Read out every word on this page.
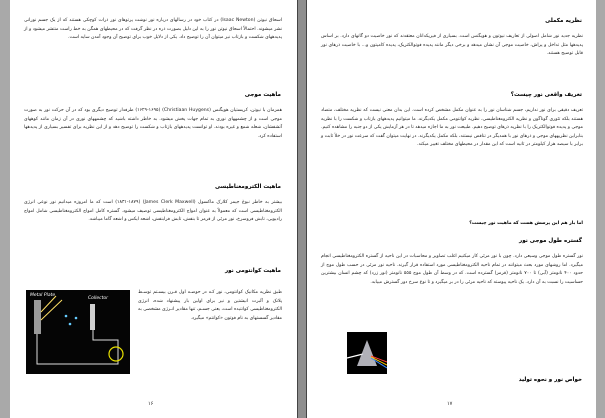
اسحاق نیوتن (Isaac Newton) در کتاب خود در رسالهای درباره نور نوشت پرتوهای نور ذرات کوچکی هستند که از یک جسم نورانی نشر میشوند. احتمالاً اسحاق نیوتن نور را به این دلیل بصورت ذره در نظر گرفت که در محیطهای همگن به خط راست منتشر میشود و از پدیدههای شکست و بازتاب نیز میتوان آن را توضیح داد. یکی از دلایل خوب برای توضیح آن وجود آمدن سایه است.

ماهیت موجی

همزمان با نیوتن، کریستیان هویگنس (Christiaan Huygens) (۱۶۲۹-۱۶۹۵) طرفدار توضیح دیگری بود که در آن حرکت نور به صورت موجی است و از چشمههای نوری به تمام جهات پخش میشود. به خاطر داشته باشید که چشمههای نوری در آن زمان مانند کوههای آتشفشان، شعله شمع و غیره بودند. او توانست پدیدههای بازتاب و شکست را توضیح دهد و از این نظریه برای تفسیر بسیاری از پدیدهها استفاده کرد.

ماهیت الکترومغناطیسی

بیشتر به خاطر نبوغ جیمز کلارک ماکسول (James Clerk Maxwell) (۱۸۳۱-۱۸۷۹) است که ما امروزه میدانیم نور نوعی انرژی الکترومغناطیسی است که معمولاً به عنوان امواج الکترومغناطیسی توصیف میشود. گستره کامل امواج الکترومغناطیسی شامل امواج رادیویی، تابش فروسرخ، نور مرئی از قرمز تا بنفش، تابش فرابنفش، اشعه ایکس و اشعه گاما میباشد.

ماهیت کوانتومی نور

Metal Plate
Collector

طبق نظریه مکانیک کوانتومی، نور کـه در حوضـه اول قـرن بیسـتم توسـط پلانک و آلبرت انیشتین و نیز برای اولین بار پیشنهاد شده، انرژی الکترومغناطیسی کوانتیده است، یعنی جسـم، تنها مقادیر انـرژی مشخصی به مقادیر گسستهای به نام فوتون «کوانتم» میگیرد.

۱۶

نظریه مکملی

نظریه جدید نور شامل اصولی از تعاریف نیوتون و هویگنس است. بسیاری از فیزیکدانان معتقدند که نور خاصیت دو گانهای دارد. بر اساس پدیدهها مثل تداخل و پراش، خاصیت موجی آن نشان میدهد و برخی دیگر مانند پدیده فوتوالکتریک، پدیده کامپتون و... با خاصیت ذرهای نور قابل توضیح هستند.

تعریف واقعی نور چیست؟

تعریف دقیقی برای نور نداریم، جسم شناسان نور را به عنوان مکمل مشخص کرده است. این بدان معنی نیست که نظریه مختلف، متضاد هستند بلکه تئوری گوناگون و نظریه الکترومغناطیسی، نظریه کوانتومی مکمل یکدیگرند. ما میتوانیم پدیدههای بازتاب و شکست را با نظریه موجی و پدیده فوتوالکتریک را با نظریه ذرهای توضیح دهیم. طبیعت نور به ما اجازه میدهد تا در هر آزمایش یکی از دو جنبه را مشاهده کنیم. بنابراین نظریههای موجی و ذرهای نور با همدیگر در تناقض نیستند، بلکه مکمل یکدیگرند. در نهایت میتوان گفت که سرعت نور در خلأ ثابت و برابر با سیصد هزار کیلومتر در ثانیه است که این مقدار در محیطهای مختلف تغییر میکند.

اما باز هم این پرسش هست که ماهیت نور چیست؟

گستره طول موجی نور

نور گستره طول موجی وسیعی دارد. چون با نور مرئی کار میکنیم اغلب تصاویر و محاسبات در این ناحیه از گستره الکترومغناطیسی انجام میگیرد. اما روشهای مورد بحث میتوانند در تمام ناحیه الکترومغناطیسی مورد استفاده قرار گیرند. ناحیه نور مرئی در حسب طول موج از حدود ۴۰۰ نانومتر (آبی) تا ۷۰۰ نانومتر (قرمز) گسترده است. که در وسط آن طول موج ۵۵۵ نانومتر (نور زرد) که چشم انسان بیشترین حساسیت را نسبت به آن دارد. یک ناحیه پیوسته که ناحیه مرئی را در بر میگیرد و تا نوع سرخ دور گسترش مییابد.

خواص نور و نحوه تولید

۱۷
